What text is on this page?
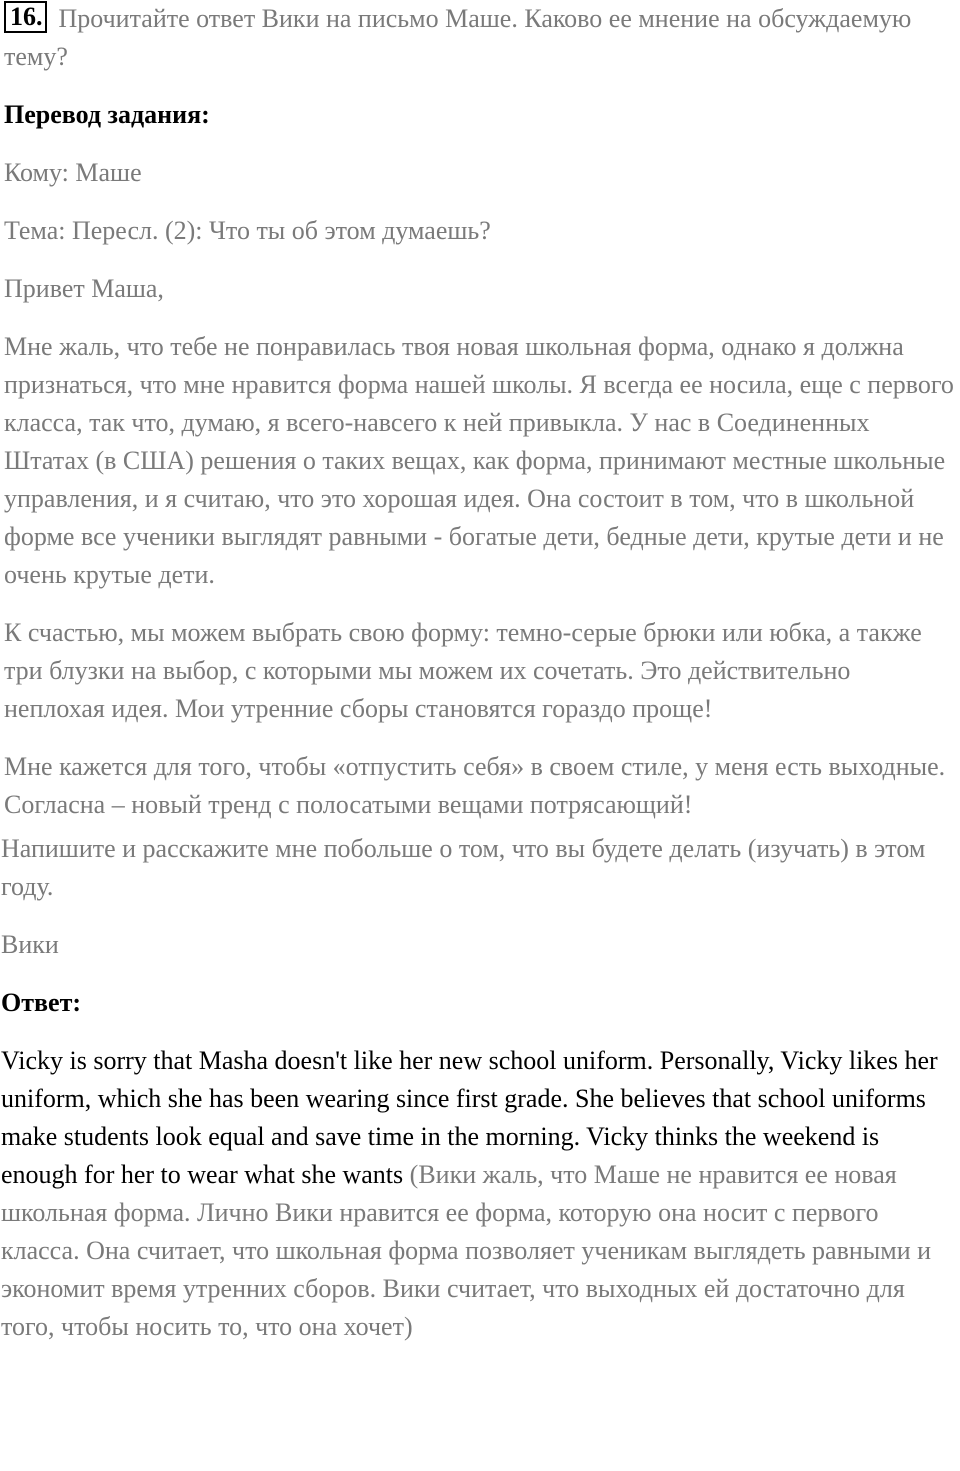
16. Прочитайте ответ Вики на письмо Маше. Каково ее мнение на обсуждаемую тему?

Перевод задания:

Кому: Маше

Тема: Пересл. (2): Что ты об этом думаешь?

Привет Маша,

Мне жаль, что тебе не понравилась твоя новая школьная форма, однако я должна признаться, что мне нравится форма нашей школы. Я всегда ее носила, еще с первого класса, так что, думаю, я всего-навсего к ней привыкла. У нас в Соединенных Штатах (в США) решения о таких вещах, как форма, принимают местные школьные управления, и я считаю, что это хорошая идея. Она состоит в том, что в школьной форме все ученики выглядят равными - богатые дети, бедные дети, крутые дети и не очень крутые дети.

К счастью, мы можем выбрать свою форму: темно-серые брюки или юбка, а также три блузки на выбор, с которыми мы можем их сочетать. Это действительно неплохая идея. Мои утренние сборы становятся гораздо проще!

Мне кажется для того, чтобы «отпустить себя» в своем стиле, у меня есть выходные. Согласна – новый тренд с полосатыми вещами потрясающий!

Напишите и расскажите мне побольше о том, что вы будете делать (изучать) в этом году.

Вики

Ответ:

Vicky is sorry that Masha doesn't like her new school uniform. Personally, Vicky likes her uniform, which she has been wearing since first grade. She believes that school uniforms make students look equal and save time in the morning. Vicky thinks the weekend is enough for her to wear what she wants (Вики жаль, что Маше не нравится ее новая школьная форма. Лично Вики нравится ее форма, которую она носит с первого класса. Она считает, что школьная форма позволяет ученикам выглядеть равными и экономит время утренних сборов. Вики считает, что выходных ей достаточно для того, чтобы носить то, что она хочет)
